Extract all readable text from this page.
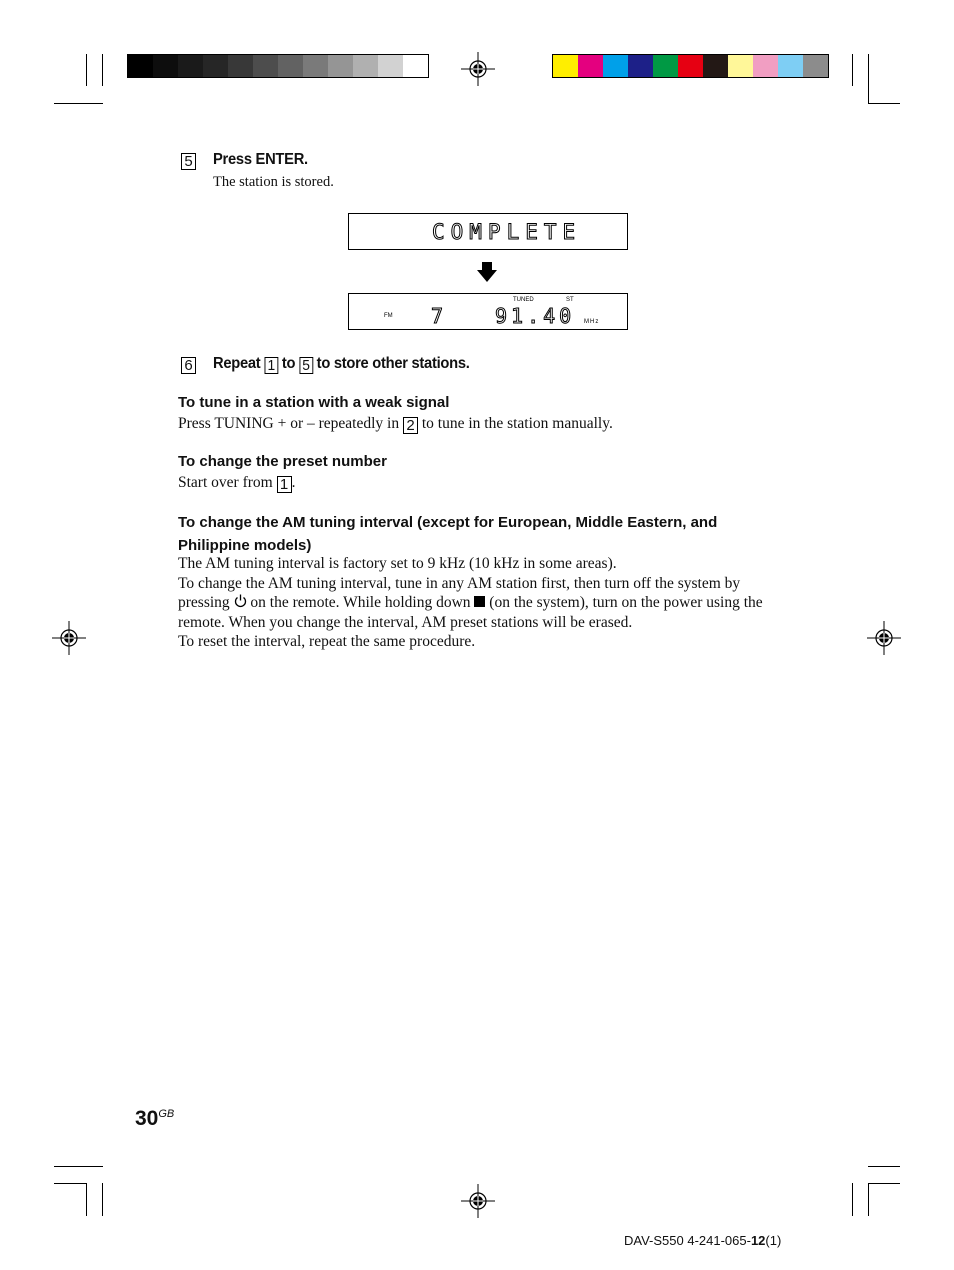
5 Press ENTER.
The station is stored.
COMPLETE
FM
TUNED	ST
7 91.40 MHz
6 Repeat 1 to 5 to store other stations.
To tune in a station with a weak signal
Press TUNING + or – repeatedly in 2 to tune in the station manually.
To change the preset number
Start over from 1 .
To change the AM tuning interval (except for European, Middle Eastern, and
Philippine models)
The AM tuning interval is factory set to 9 kHz (10 kHz in some areas).
To change the AM tuning interval, tune in any AM station first, then turn off the system by
pressing on the remote. While holding down (on the system), turn on the power using the
remote. When you change the interval, AM preset stations will be erased.
To reset the interval, repeat the same procedure.
$30^{GB}$
DAV-S550 4-241-065-12(1)
